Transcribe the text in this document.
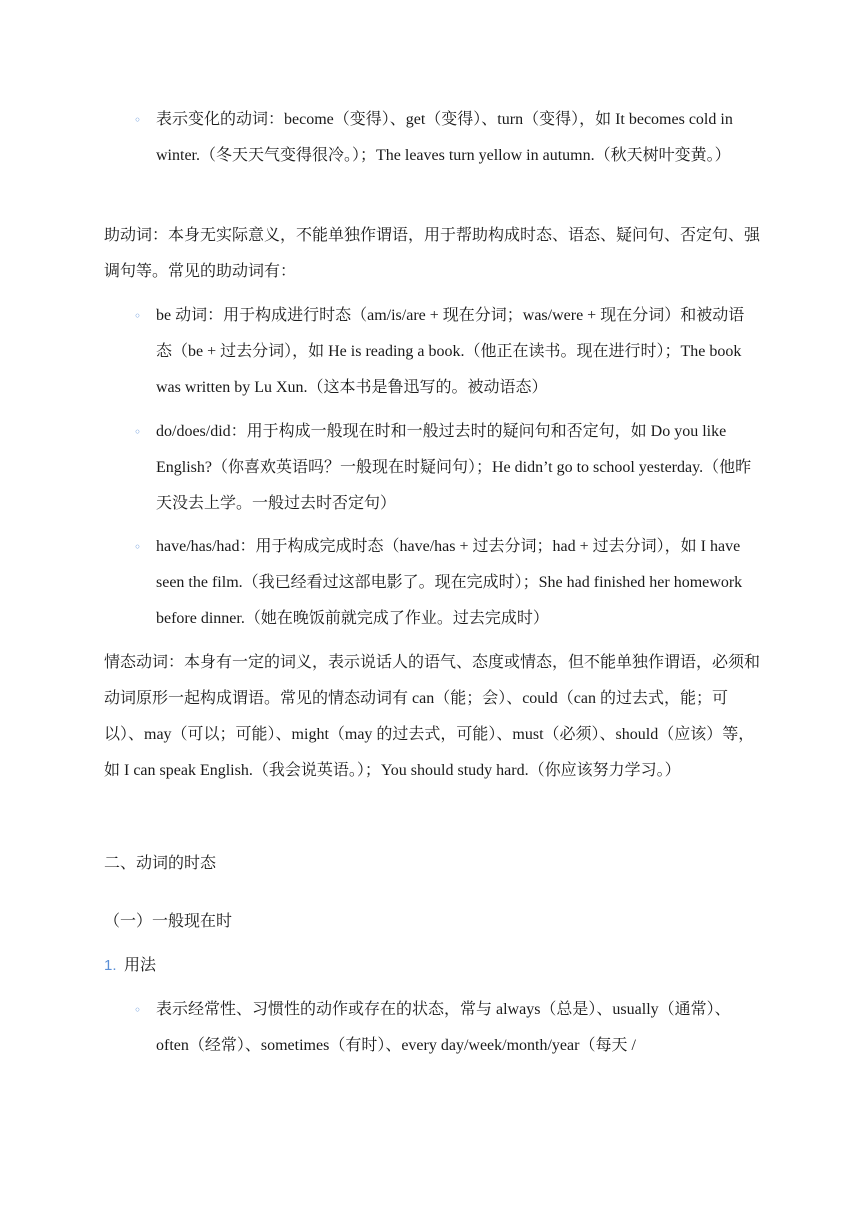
◦ 表示变化的动词：become（变得）、get（变得）、turn（变得），如 It becomes cold in winter.（冬天天气变得很冷。）；The leaves turn yellow in autumn.（秋天树叶变黄。）
助动词：本身无实际意义，不能单独作谓语，用于帮助构成时态、语态、疑问句、否定句、强调句等。常见的助动词有：
◦ be 动词：用于构成进行时态（am/is/are + 现在分词；was/were + 现在分词）和被动语态（be + 过去分词），如 He is reading a book.（他正在读书。现在进行时）；The book was written by Lu Xun.（这本书是鲁迅写的。被动语态）
◦ do/does/did：用于构成一般现在时和一般过去时的疑问句和否定句，如 Do you like English?（你喜欢英语吗？一般现在时疑问句）；He didn’t go to school yesterday.（他昨天没去上学。一般过去时否定句）
◦ have/has/had：用于构成完成时态（have/has + 过去分词；had + 过去分词），如 I have seen the film.（我已经看过这部电影了。现在完成时）；She had finished her homework before dinner.（她在晚饭前就完成了作业。过去完成时）
情态动词：本身有一定的词义，表示说话人的语气、态度或情态，但不能单独作谓语，必须和动词原形一起构成谓语。常见的情态动词有 can（能；会）、could（can 的过去式，能；可以）、may（可以；可能）、might（may 的过去式，可能）、must（必须）、should（应该）等，如 I can speak English.（我会说英语。）；You should study hard.（你应该努力学习。）
二、动词的时态
（一）一般现在时
1. 用法
◦ 表示经常性、习惯性的动作或存在的状态，常与 always（总是）、usually（通常）、often（经常）、sometimes（有时）、every day/week/month/year（每天 /
